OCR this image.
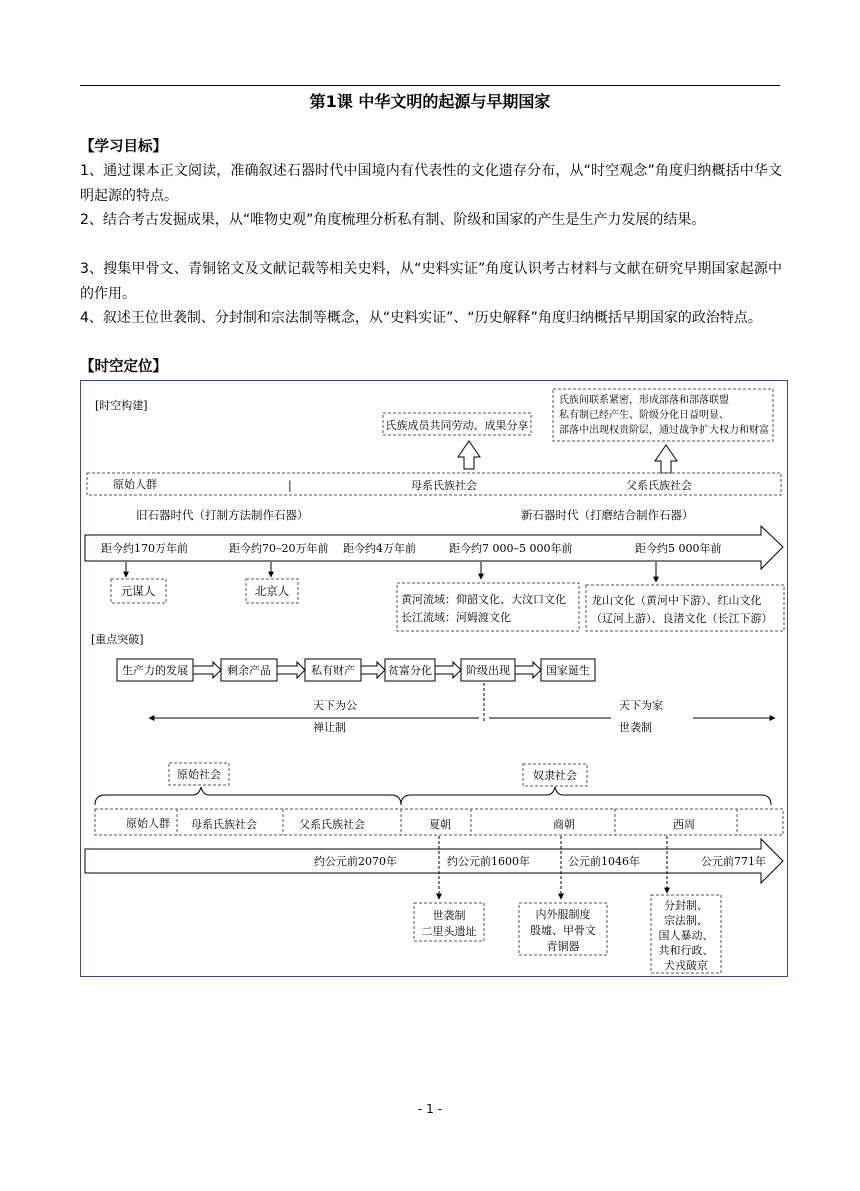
第1课 中华文明的起源与早期国家
【学习目标】
1、通过课本正文阅读，准确叙述石器时代中国境内有代表性的文化遗存分布，从“时空观念”角度归纳概括中华文明起源的特点。
2、结合考古发掘成果，从“唯物史观”角度梳理分析私有制、阶级和国家的产生是生产力发展的结果。
3、搜集甲骨文、青铜铭文及文献记载等相关史料，从“史料实证”角度认识考古材料与文献在研究早期国家起源中的作用。
4、叙述王位世袭制、分封制和宗法制等概念，从“史料实证”、“历史解释”角度归纳概括早期国家的政治特点。
【时空定位】
[时空构建]
氏族成员共同劳动、成果分享
氏族间联系紧密，形成部落和部落联盟
私有制已经产生、阶级分化日益明显、
部落中出现权贵阶层，通过战争扩大权力和财富
原始人群	|	母系氏族社会	父系氏族社会
旧石器时代（打制方法制作石器）	新石器时代（打磨结合制作石器）
距今约170万年前	距今约70–20万年前 距今约4万年前	距今约7 000–5 000年前	距今约5 000年前
元谋人	北京人
黄河流域：仰韶文化、大汶口文化
长江流域：河姆渡文化
龙山文化（黄河中下游）、红山文化
（辽河上游）、良渚文化（长江下游）
[重点突破]
生产力的发展	剩余产品	私有财产	贫富分化	阶级出现	国家诞生
天下为公
禅让制
天下为家
世袭制
原始社会	奴隶社会
原始人群 母系氏族社会	父系氏族社会	夏朝	商朝	西周
约公元前2070年	约公元前1600年	公元前1046年	公元前771年
世袭制
二里头遗址
内外服制度
殷墟、甲骨文
青铜器
分封制、
宗法制、
国人暴动、
共和行政、
犬戎破京
- 1 -
